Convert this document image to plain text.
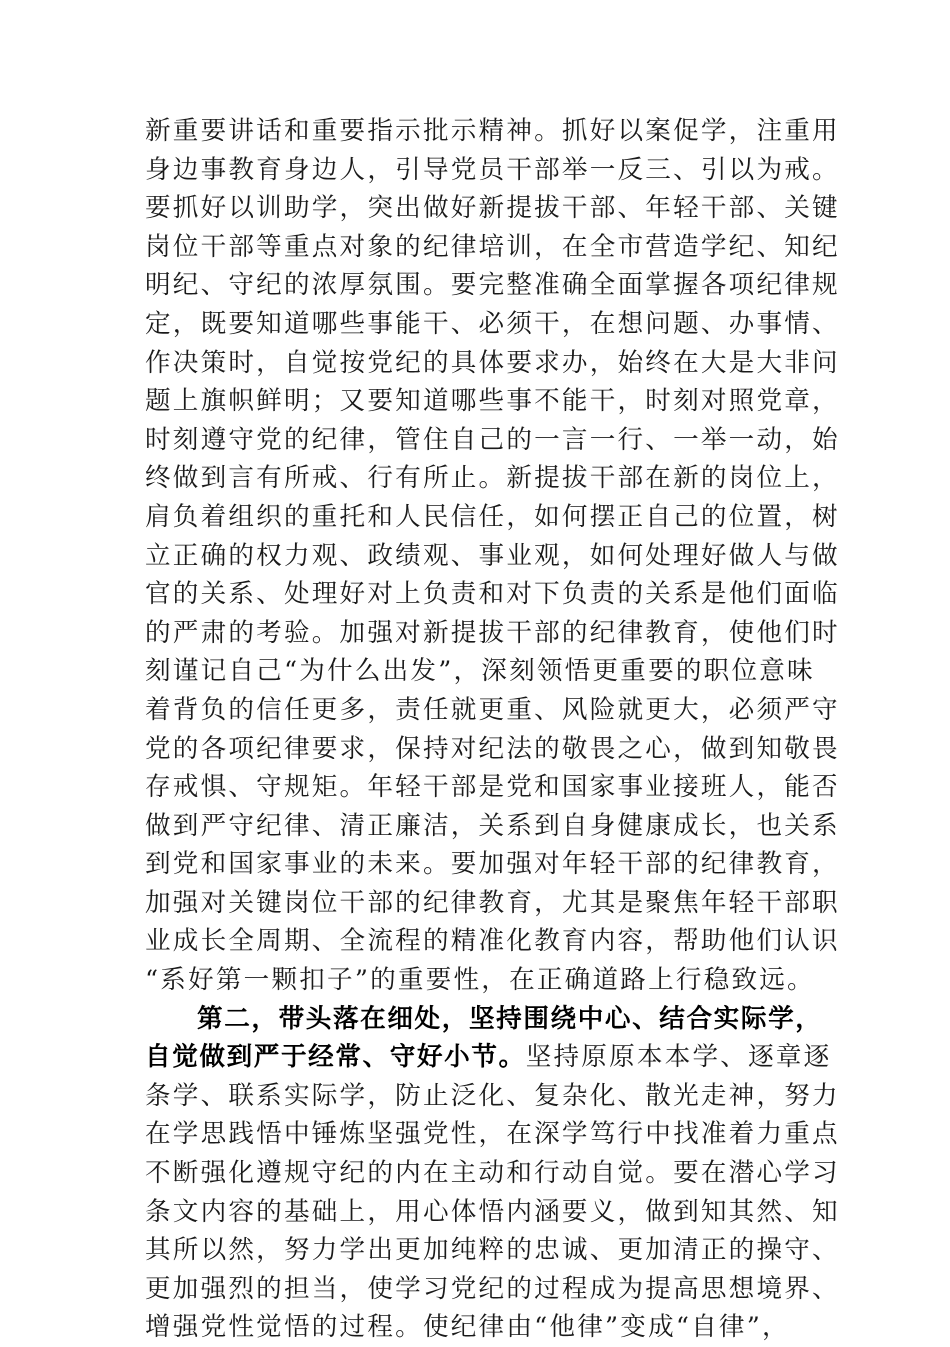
新重要讲话和重要指示批示精神。抓好以案促学，注重用
身边事教育身边人，引导党员干部举一反三、引以为戒。
要抓好以训助学，突出做好新提拔干部、年轻干部、关键
岗位干部等重点对象的纪律培训，在全市营造学纪、知纪
明纪、守纪的浓厚氛围。要完整准确全面掌握各项纪律规
定，既要知道哪些事能干、必须干，在想问题、办事情、
作决策时，自觉按党纪的具体要求办，始终在大是大非问
题上旗帜鲜明；又要知道哪些事不能干，时刻对照党章，
时刻遵守党的纪律，管住自己的一言一行、一举一动，始
终做到言有所戒、行有所止。新提拔干部在新的岗位上，
肩负着组织的重托和人民信任，如何摆正自己的位置，树
立正确的权力观、政绩观、事业观，如何处理好做人与做
官的关系、处理好对上负责和对下负责的关系是他们面临
的严肃的考验。加强对新提拔干部的纪律教育，使他们时
刻谨记自己“为什么出发”，深刻领悟更重要的职位意味
着背负的信任更多，责任就更重、风险就更大，必须严守
党的各项纪律要求，保持对纪法的敬畏之心，做到知敬畏
存戒惧、守规矩。年轻干部是党和国家事业接班人，能否
做到严守纪律、清正廉洁，关系到自身健康成长，也关系
到党和国家事业的未来。要加强对年轻干部的纪律教育，
加强对关键岗位干部的纪律教育，尤其是聚焦年轻干部职
业成长全周期、全流程的精准化教育内容，帮助他们认识
“系好第一颗扣子”的重要性，在正确道路上行稳致远。
第二，带头落在细处，坚持围绕中心、结合实际学，
自觉做到严于经常、守好小节。坚持原原本本学、逐章逐
条学、联系实际学，防止泛化、复杂化、散光走神，努力
在学思践悟中锤炼坚强党性，在深学笃行中找准着力重点
不断强化遵规守纪的内在主动和行动自觉。要在潜心学习
条文内容的基础上，用心体悟内涵要义，做到知其然、知
其所以然，努力学出更加纯粹的忠诚、更加清正的操守、
更加强烈的担当，使学习党纪的过程成为提高思想境界、
增强党性觉悟的过程。使纪律由“他律”变成“自律”，
